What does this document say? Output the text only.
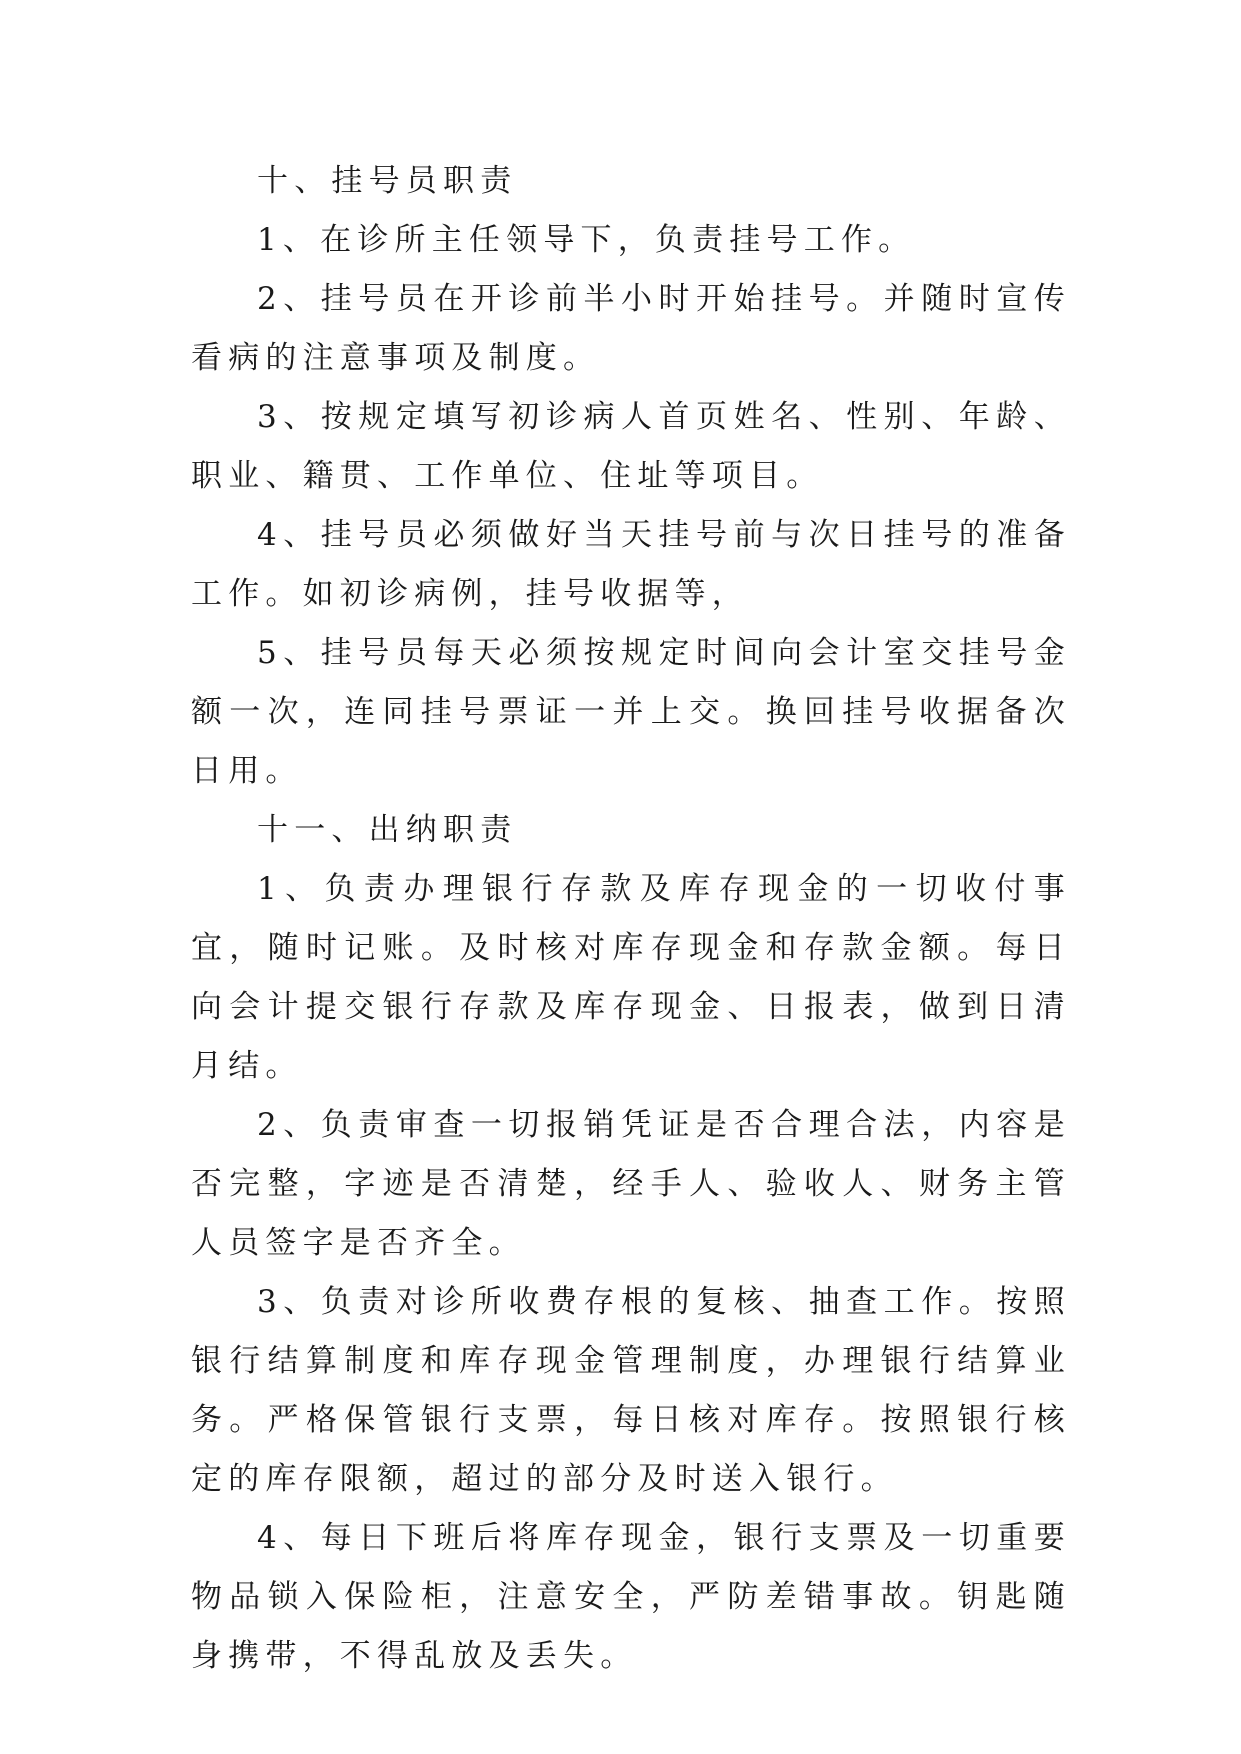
十、挂号员职责

1、在诊所主任领导下，负责挂号工作。

2、挂号员在开诊前半小时开始挂号。并随时宣传看病的注意事项及制度。

3、按规定填写初诊病人首页姓名、性别、年龄、职业、籍贯、工作单位、住址等项目。

4、挂号员必须做好当天挂号前与次日挂号的准备工作。如初诊病例，挂号收据等，

5、挂号员每天必须按规定时间向会计室交挂号金额一次，连同挂号票证一并上交。换回挂号收据备次日用。

十一、出纳职责

1、负责办理银行存款及库存现金的一切收付事宜，随时记账。及时核对库存现金和存款金额。每日向会计提交银行存款及库存现金、日报表，做到日清月结。

2、负责审查一切报销凭证是否合理合法，内容是否完整，字迹是否清楚，经手人、验收人、财务主管人员签字是否齐全。

3、负责对诊所收费存根的复核、抽查工作。按照银行结算制度和库存现金管理制度，办理银行结算业务。严格保管银行支票，每日核对库存。按照银行核定的库存限额，超过的部分及时送入银行。

4、每日下班后将库存现金，银行支票及一切重要物品锁入保险柜，注意安全，严防差错事故。钥匙随身携带，不得乱放及丢失。
